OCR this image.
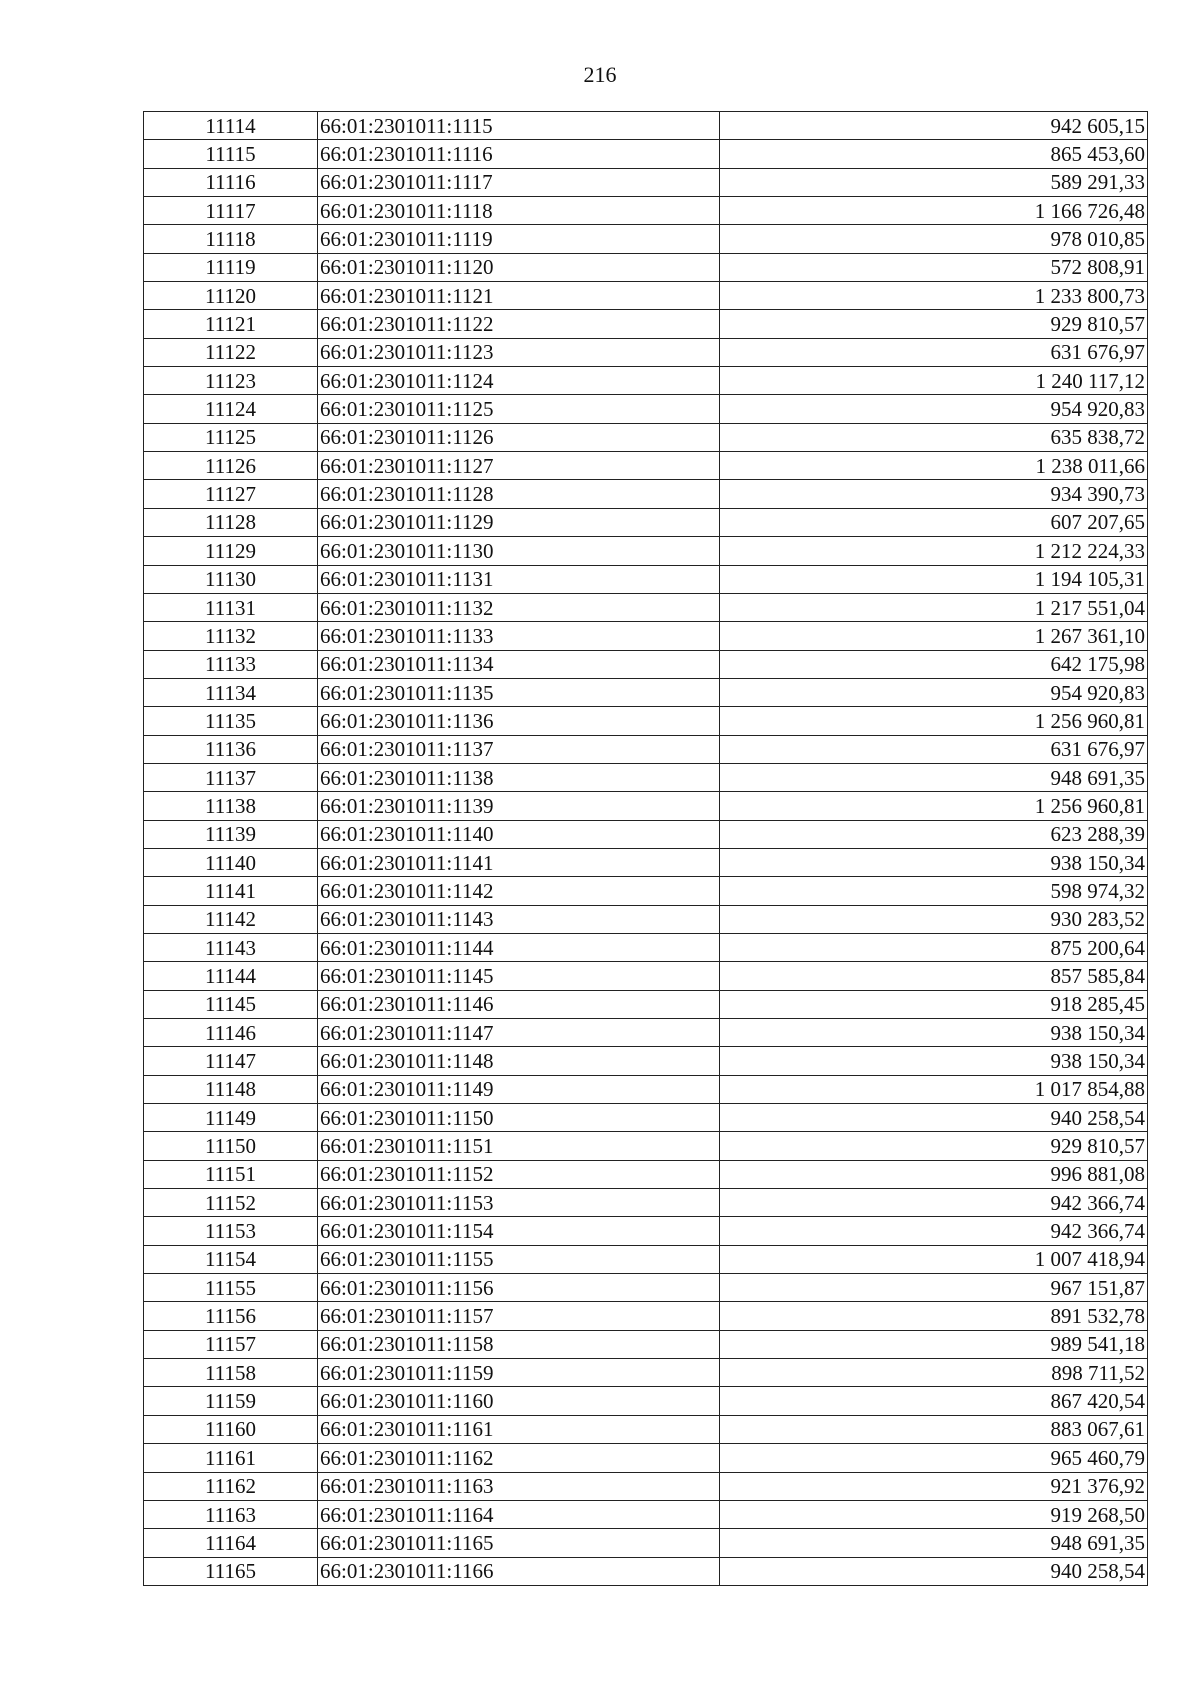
216
11114	66:01:2301011:1115	942 605,15
11115	66:01:2301011:1116	865 453,60
11116	66:01:2301011:1117	589 291,33
11117	66:01:2301011:1118	1 166 726,48
11118	66:01:2301011:1119	978 010,85
11119	66:01:2301011:1120	572 808,91
11120	66:01:2301011:1121	1 233 800,73
11121	66:01:2301011:1122	929 810,57
11122	66:01:2301011:1123	631 676,97
11123	66:01:2301011:1124	1 240 117,12
11124	66:01:2301011:1125	954 920,83
11125	66:01:2301011:1126	635 838,72
11126	66:01:2301011:1127	1 238 011,66
11127	66:01:2301011:1128	934 390,73
11128	66:01:2301011:1129	607 207,65
11129	66:01:2301011:1130	1 212 224,33
11130	66:01:2301011:1131	1 194 105,31
11131	66:01:2301011:1132	1 217 551,04
11132	66:01:2301011:1133	1 267 361,10
11133	66:01:2301011:1134	642 175,98
11134	66:01:2301011:1135	954 920,83
11135	66:01:2301011:1136	1 256 960,81
11136	66:01:2301011:1137	631 676,97
11137	66:01:2301011:1138	948 691,35
11138	66:01:2301011:1139	1 256 960,81
11139	66:01:2301011:1140	623 288,39
11140	66:01:2301011:1141	938 150,34
11141	66:01:2301011:1142	598 974,32
11142	66:01:2301011:1143	930 283,52
11143	66:01:2301011:1144	875 200,64
11144	66:01:2301011:1145	857 585,84
11145	66:01:2301011:1146	918 285,45
11146	66:01:2301011:1147	938 150,34
11147	66:01:2301011:1148	938 150,34
11148	66:01:2301011:1149	1 017 854,88
11149	66:01:2301011:1150	940 258,54
11150	66:01:2301011:1151	929 810,57
11151	66:01:2301011:1152	996 881,08
11152	66:01:2301011:1153	942 366,74
11153	66:01:2301011:1154	942 366,74
11154	66:01:2301011:1155	1 007 418,94
11155	66:01:2301011:1156	967 151,87
11156	66:01:2301011:1157	891 532,78
11157	66:01:2301011:1158	989 541,18
11158	66:01:2301011:1159	898 711,52
11159	66:01:2301011:1160	867 420,54
11160	66:01:2301011:1161	883 067,61
11161	66:01:2301011:1162	965 460,79
11162	66:01:2301011:1163	921 376,92
11163	66:01:2301011:1164	919 268,50
11164	66:01:2301011:1165	948 691,35
11165	66:01:2301011:1166	940 258,54
